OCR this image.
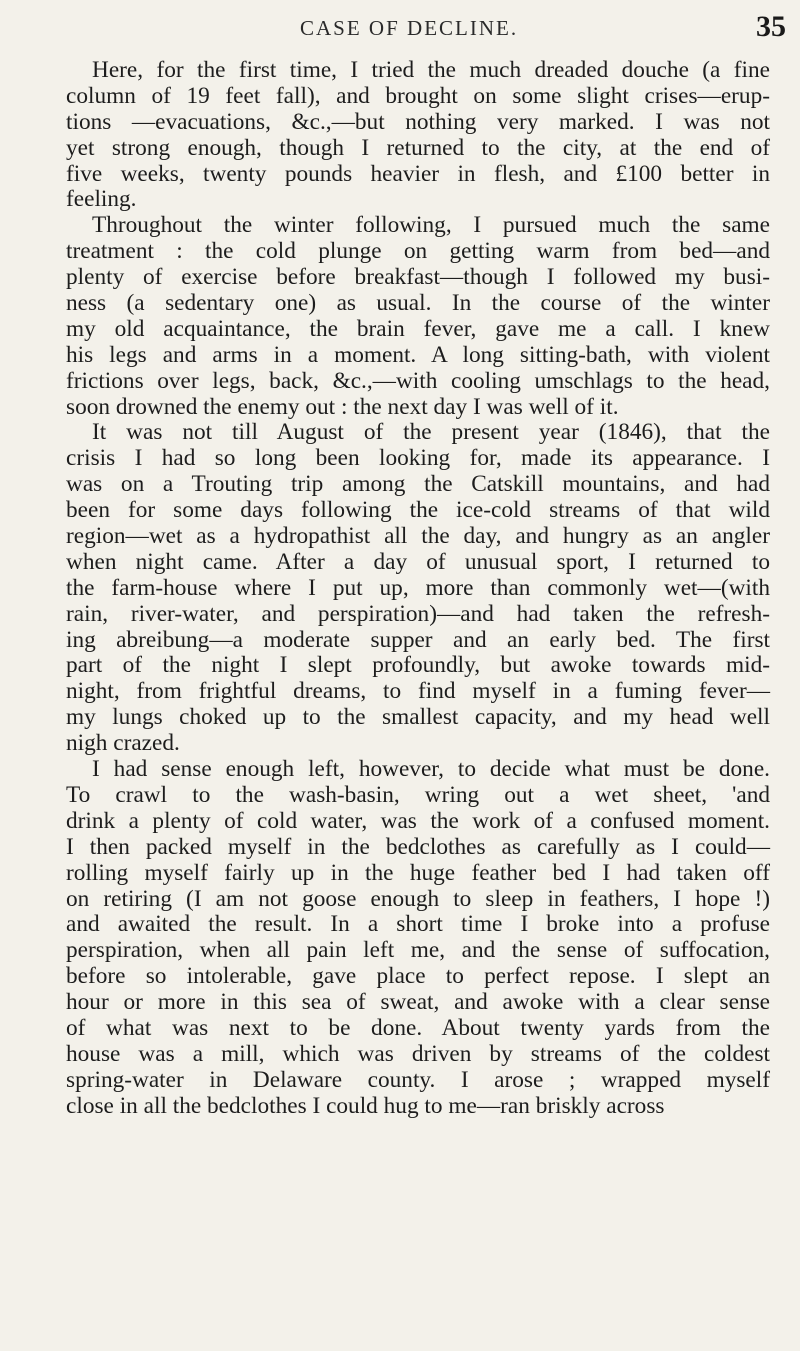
CASE OF DECLINE.	35
Here, for the first time, I tried the much dreaded douche (a fine
column of 19 feet fall), and brought on some slight crises—erup-
tions —evacuations, &c.,—but nothing very marked. I was not
yet strong enough, though I returned to the city, at the end of
five weeks, twenty pounds heavier in flesh, and £100 better in
feeling.
Throughout the winter following, I pursued much the same
treatment : the cold plunge on getting warm from bed—and
plenty of exercise before breakfast—though I followed my busi-
ness (a sedentary one) as usual. In the course of the winter
my old acquaintance, the brain fever, gave me a call. I knew
his legs and arms in a moment. A long sitting-bath, with violent
frictions over legs, back, &c.,—with cooling umschlags to the head,
soon drowned the enemy out : the next day I was well of it.
It was not till August of the present year (1846), that the
crisis I had so long been looking for, made its appearance. I
was on a Trouting trip among the Catskill mountains, and had
been for some days following the ice-cold streams of that wild
region—wet as a hydropathist all the day, and hungry as an angler
when night came. After a day of unusual sport, I returned to
the farm-house where I put up, more than commonly wet—(with
rain, river-water, and perspiration)—and had taken the refresh-
ing abreibung—a moderate supper and an early bed. The first
part of the night I slept profoundly, but awoke towards mid-
night, from frightful dreams, to find myself in a fuming fever—
my lungs choked up to the smallest capacity, and my head well
nigh crazed.
I had sense enough left, however, to decide what must be done.
To crawl to the wash-basin, wring out a wet sheet, 'and
drink a plenty of cold water, was the work of a confused moment.
I then packed myself in the bedclothes as carefully as I could—
rolling myself fairly up in the huge feather bed I had taken off
on retiring (I am not goose enough to sleep in feathers, I hope !)
and awaited the result. In a short time I broke into a profuse
perspiration, when all pain left me, and the sense of suffocation,
before so intolerable, gave place to perfect repose. I slept an
hour or more in this sea of sweat, and awoke with a clear sense
of what was next to be done. About twenty yards from the
house was a mill, which was driven by streams of the coldest
spring-water in Delaware county. I arose ; wrapped myself
close in all the bedclothes I could hug to me—ran briskly across
